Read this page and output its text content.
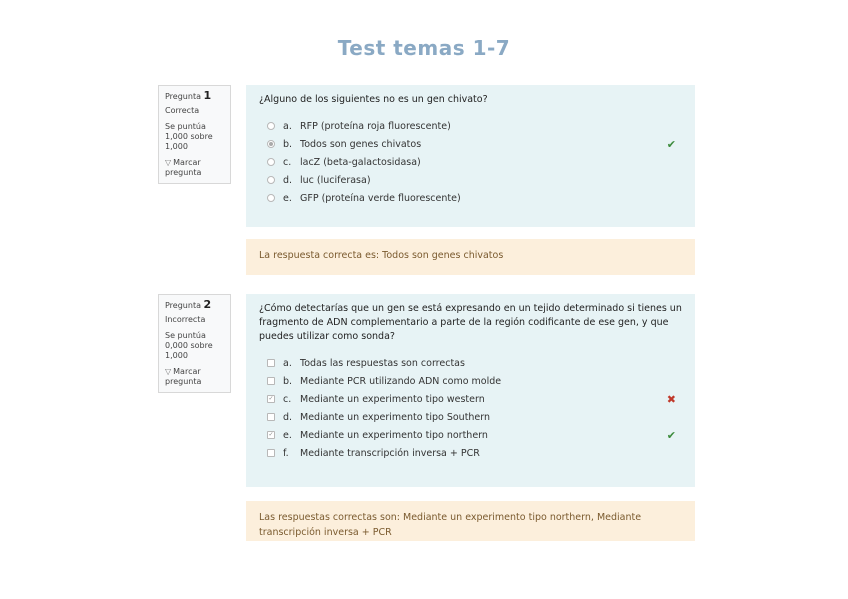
Test temas 1-7
Pregunta 1
Correcta
Se puntúa 1,000 sobre 1,000
▽ Marcar pregunta
¿Alguno de los siguientes no es un gen chivato?
a. RFP (proteína roja fluorescente)
b. Todos son genes chivatos	✔
c. lacZ (beta-galactosidasa)
d. luc (luciferasa)
e. GFP (proteína verde fluorescente)
La respuesta correcta es: Todos son genes chivatos
Pregunta 2
Incorrecta
Se puntúa 0,000 sobre 1,000
▽ Marcar pregunta
¿Cómo detectarías que un gen se está expresando en un tejido determinado si tienes un fragmento de ADN complementario a parte de la región codificante de ese gen, y que puedes utilizar como sonda?
a. Todas las respuestas son correctas
b. Mediante PCR utilizando ADN como molde
✓
c. Mediante un experimento tipo western	✖
d. Mediante un experimento tipo Southern
✓
e. Mediante un experimento tipo northern	✔
f.	Mediante transcripción inversa + PCR
Las respuestas correctas son: Mediante un experimento tipo northern, Mediante transcripción inversa + PCR
